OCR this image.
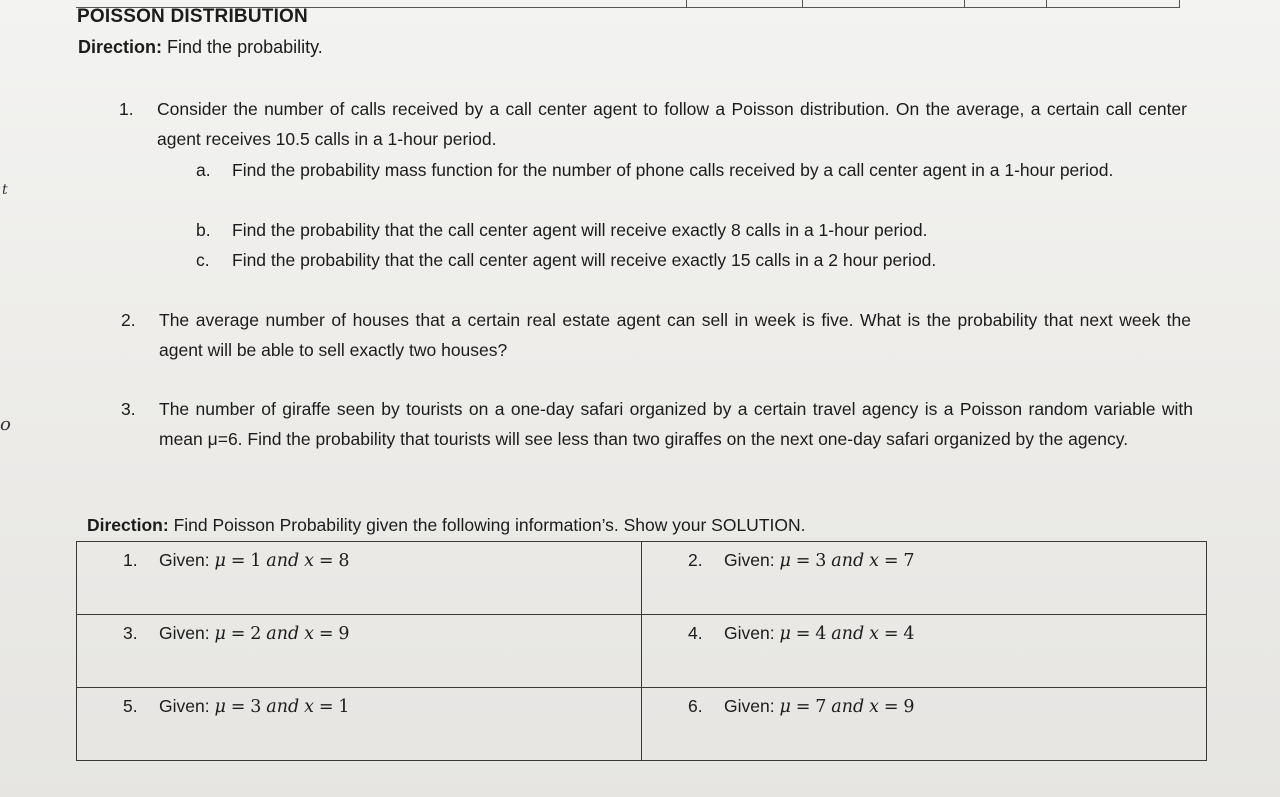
t
o
POISSON DISTRIBUTION
Direction: Find the probability.
1. Consider the number of calls received by a call center agent to follow a Poisson distribution. On the average, a certain call center agent receives 10.5 calls in a 1-hour period.
a. Find the probability mass function for the number of phone calls received by a call center agent in a 1-hour period.
b. Find the probability that the call center agent will receive exactly 8 calls in a 1-hour period.
c. Find the probability that the call center agent will receive exactly 15 calls in a 2 hour period.
2. The average number of houses that a certain real estate agent can sell in week is five. What is the probability that next week the agent will be able to sell exactly two houses?
3. The number of giraffe seen by tourists on a one-day safari organized by a certain travel agency is a Poisson random variable with mean μ=6. Find the probability that tourists will see less than two giraffes on the next one-day safari organized by the agency.
Direction: Find Poisson Probability given the following information’s. Show your SOLUTION.
1. Given: μ = 1 and x = 8	2. Given: μ = 3 and x = 7

3. Given: μ = 2 and x = 9	4. Given: μ = 4 and x = 4

5. Given: μ = 3 and x = 1	6. Given: μ = 7 and x = 9
